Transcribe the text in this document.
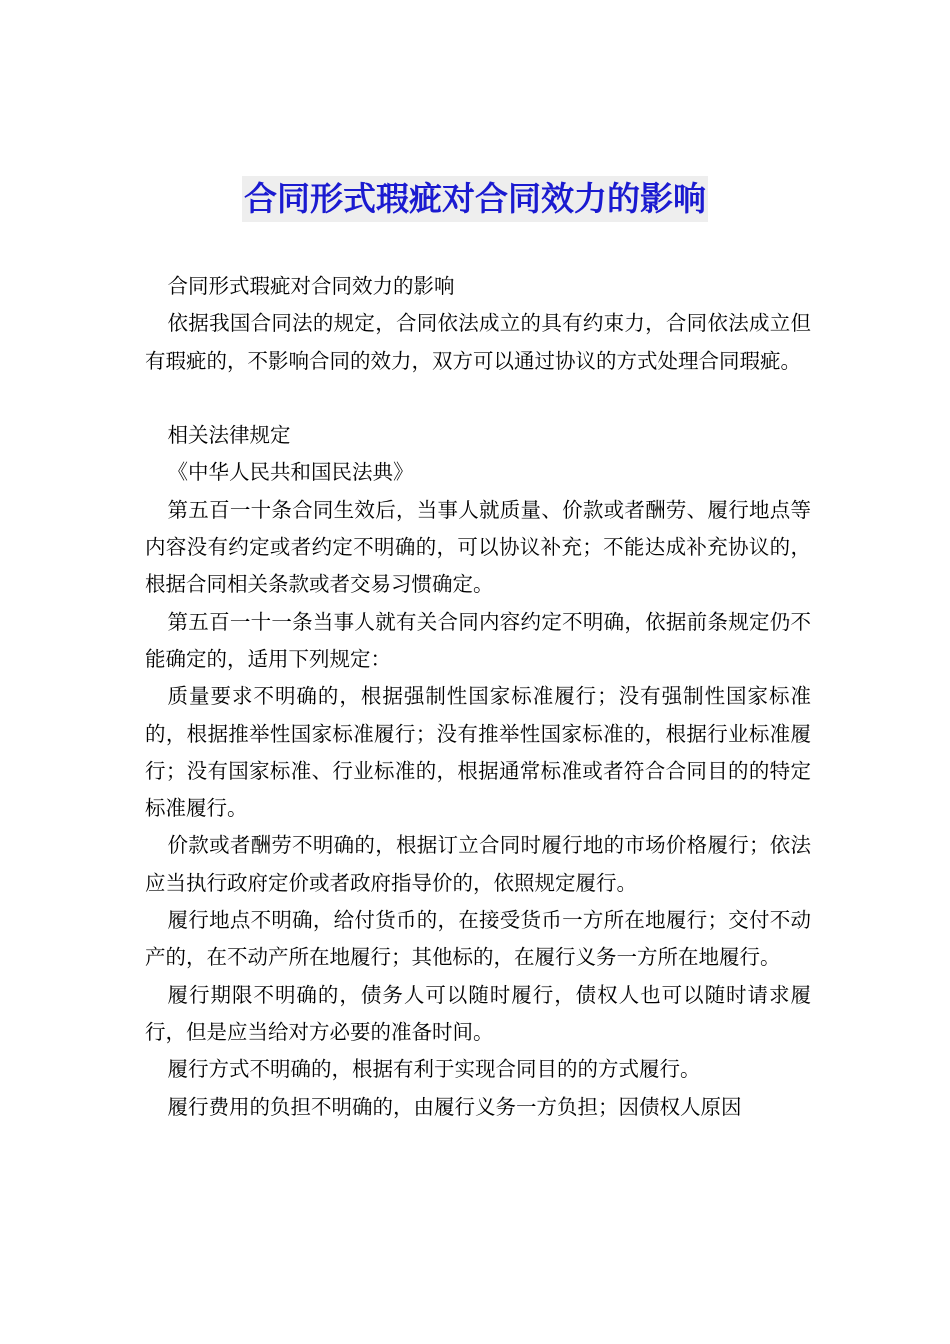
合同形式瑕疵对合同效力的影响

合同形式瑕疵对合同效力的影响

依据我国合同法的规定，合同依法成立的具有约束力，合同依法成立但有瑕疵的，不影响合同的效力，双方可以通过协议的方式处理合同瑕疵。

相关法律规定

《中华人民共和国民法典》

第五百一十条合同生效后，当事人就质量、价款或者酬劳、履行地点等内容没有约定或者约定不明确的，可以协议补充；不能达成补充协议的，根据合同相关条款或者交易习惯确定。

第五百一十一条当事人就有关合同内容约定不明确，依据前条规定仍不能确定的，适用下列规定：

质量要求不明确的，根据强制性国家标准履行；没有强制性国家标准的，根据推举性国家标准履行；没有推举性国家标准的，根据行业标准履行；没有国家标准、行业标准的，根据通常标准或者符合合同目的的特定标准履行。

价款或者酬劳不明确的，根据订立合同时履行地的市场价格履行；依法应当执行政府定价或者政府指导价的，依照规定履行。

履行地点不明确，给付货币的，在接受货币一方所在地履行；交付不动产的，在不动产所在地履行；其他标的，在履行义务一方所在地履行。

履行期限不明确的，债务人可以随时履行，债权人也可以随时请求履行，但是应当给对方必要的准备时间。

履行方式不明确的，根据有利于实现合同目的的方式履行。

履行费用的负担不明确的，由履行义务一方负担；因债权人原因
